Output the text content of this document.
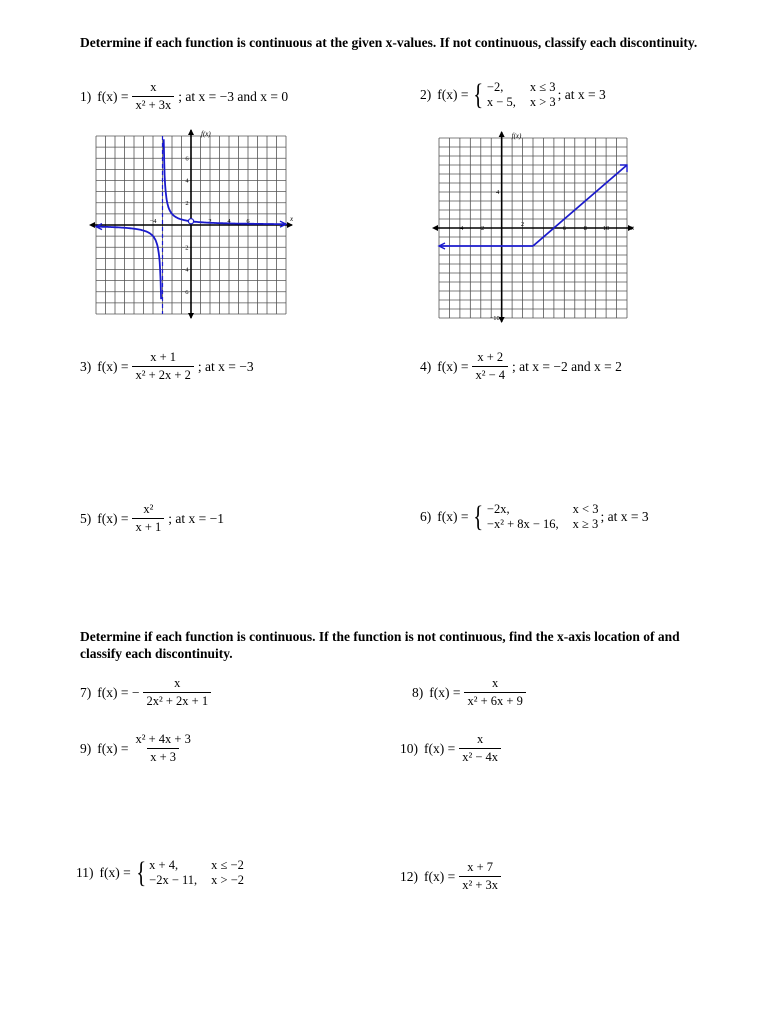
Determine if each function is continuous at the given x-values. If not continuous, classify each discontinuity.
1) $f(x) = \frac{x}{\text{x² + 3x}}$ ; at x = −3 and x = 0	2) f(x) = { −2,	x ≤ 3
x − 5, x > 3 ; at x = 3
f(x)
x
2 4 6
−4
6
4
2
−2
−4
−6
f(x)
x
−4 −2
2
6	8 10
4
−10
3) $f(x) = \frac{x + 1}{\text{x² + 2x + 2}}$ ; at x = −3	4) $f(x) = \frac{x + 2}{\text{x² − 4}}$ ; at x = −2 and x = 2
5) $f(x) = \frac{\text{x²}}{x + 1}$ ; at x = −1	6) f(x) = { −2x,	x < 3
−x² + 8x − 16, x ≥ 3 ; at x = 3
Determine if each function is continuous. If the function is not continuous, find the x-axis location of and classify each discontinuity.
7) f(x) = − $\frac{x}{\text{2x² + 2x + 1}}$	8) $f(x) = \frac{x}{\text{x² + 6x + 9}}$
9) $f(x) = \frac{\text{x² + 4x + 3}}{x + 3}$	10) $f(x) = \frac{x}{\text{x² − 4x}}$
11) f(x) = { x + 4,	x ≤ −2
−2x − 11, x > −2	12) $f(x) = \frac{x + 7}{\text{x² + 3x}}$
